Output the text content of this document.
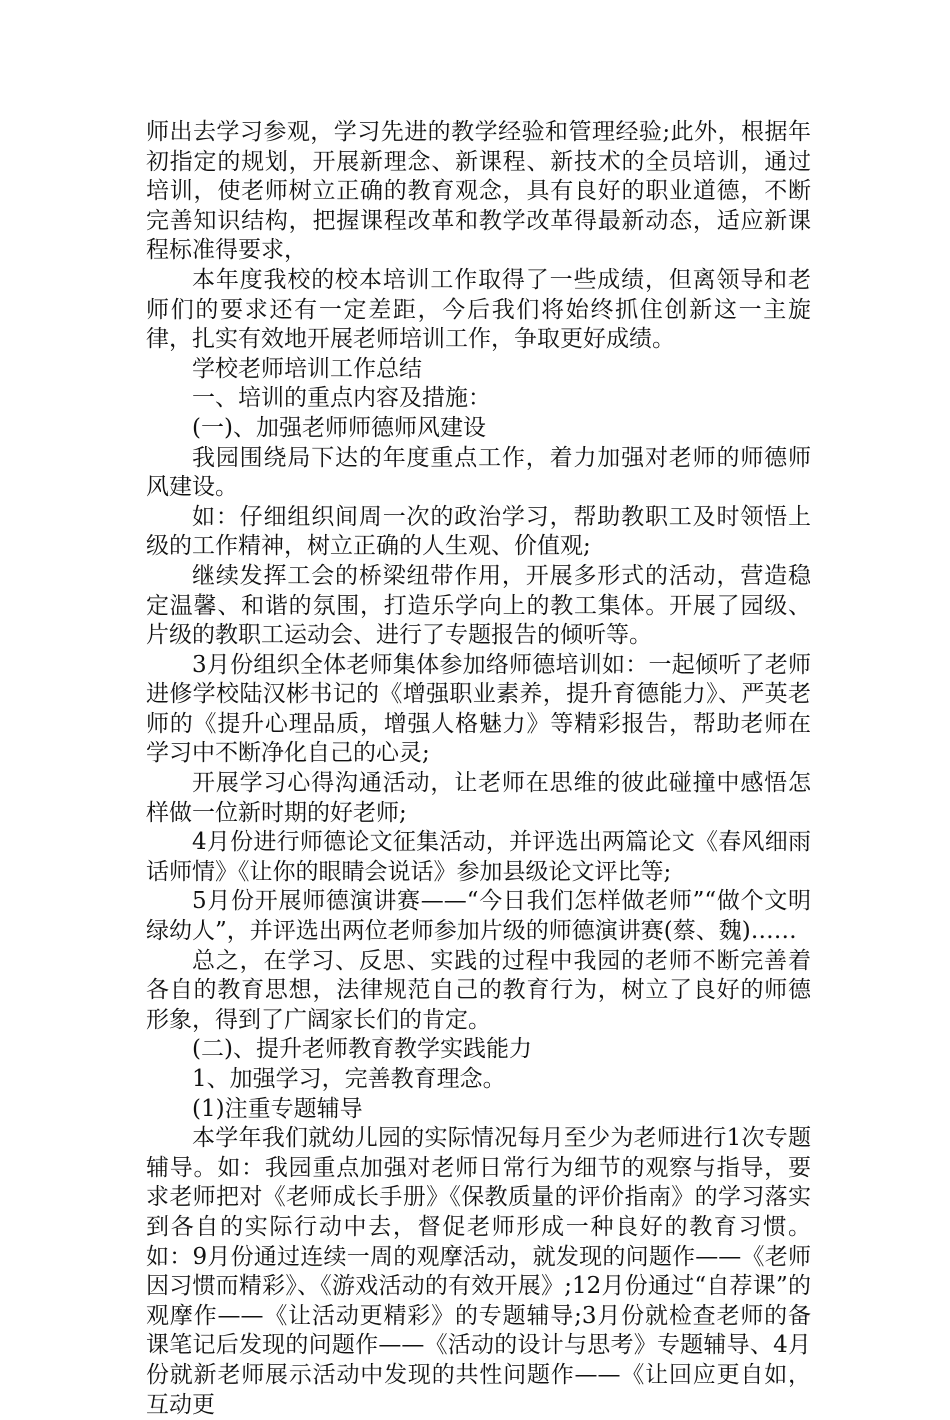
师出去学习参观，学习先进的教学经验和管理经验;此外，根据年初指定的规划，开展新理念、新课程、新技术的全员培训，通过培训，使老师树立正确的教育观念，具有良好的职业道德，不断完善知识结构，把握课程改革和教学改革得最新动态，适应新课程标准得要求，

本年度我校的校本培训工作取得了一些成绩，但离领导和老师们的要求还有一定差距，今后我们将始终抓住创新这一主旋律，扎实有效地开展老师培训工作，争取更好成绩。

学校老师培训工作总结

一、培训的重点内容及措施：

(一)、加强老师师德师风建设

我园围绕局下达的年度重点工作，着力加强对老师的师德师风建设。

如：仔细组织间周一次的政治学习，帮助教职工及时领悟上级的工作精神，树立正确的人生观、价值观;

继续发挥工会的桥梁纽带作用，开展多形式的活动，营造稳定温馨、和谐的氛围，打造乐学向上的教工集体。开展了园级、片级的教职工运动会、进行了专题报告的倾听等。

3月份组织全体老师集体参加络师德培训如：一起倾听了老师进修学校陆汉彬书记的《增强职业素养，提升育德能力》、严英老师的《提升心理品质，增强人格魅力》等精彩报告，帮助老师在学习中不断净化自己的心灵;

开展学习心得沟通活动，让老师在思维的彼此碰撞中感悟怎样做一位新时期的好老师;

4月份进行师德论文征集活动，并评选出两篇论文《春风细雨话师情》《让你的眼睛会说话》参加县级论文评比等;

5月份开展师德演讲赛——“今日我们怎样做老师”“做个文明绿幼人”，并评选出两位老师参加片级的师德演讲赛(蔡、魏)……

总之，在学习、反思、实践的过程中我园的老师不断完善着各自的教育思想，法律规范自己的教育行为，树立了良好的师德形象，得到了广阔家长们的肯定。

(二)、提升老师教育教学实践能力

1、加强学习，完善教育理念。

(1)注重专题辅导

本学年我们就幼儿园的实际情况每月至少为老师进行1次专题辅导。如：我园重点加强对老师日常行为细节的观察与指导，要求老师把对《老师成长手册》《保教质量的评价指南》的学习落实到各自的实际行动中去，督促老师形成一种良好的教育习惯。如：9月份通过连续一周的观摩活动，就发现的问题作——《老师因习惯而精彩》、《游戏活动的有效开展》;12月份通过“自荐课”的观摩作——《让活动更精彩》的专题辅导;3月份就检查老师的备课笔记后发现的问题作——《活动的设计与思考》专题辅导、4月份就新老师展示活动中发现的共性问题作——《让回应更自如，互动更
